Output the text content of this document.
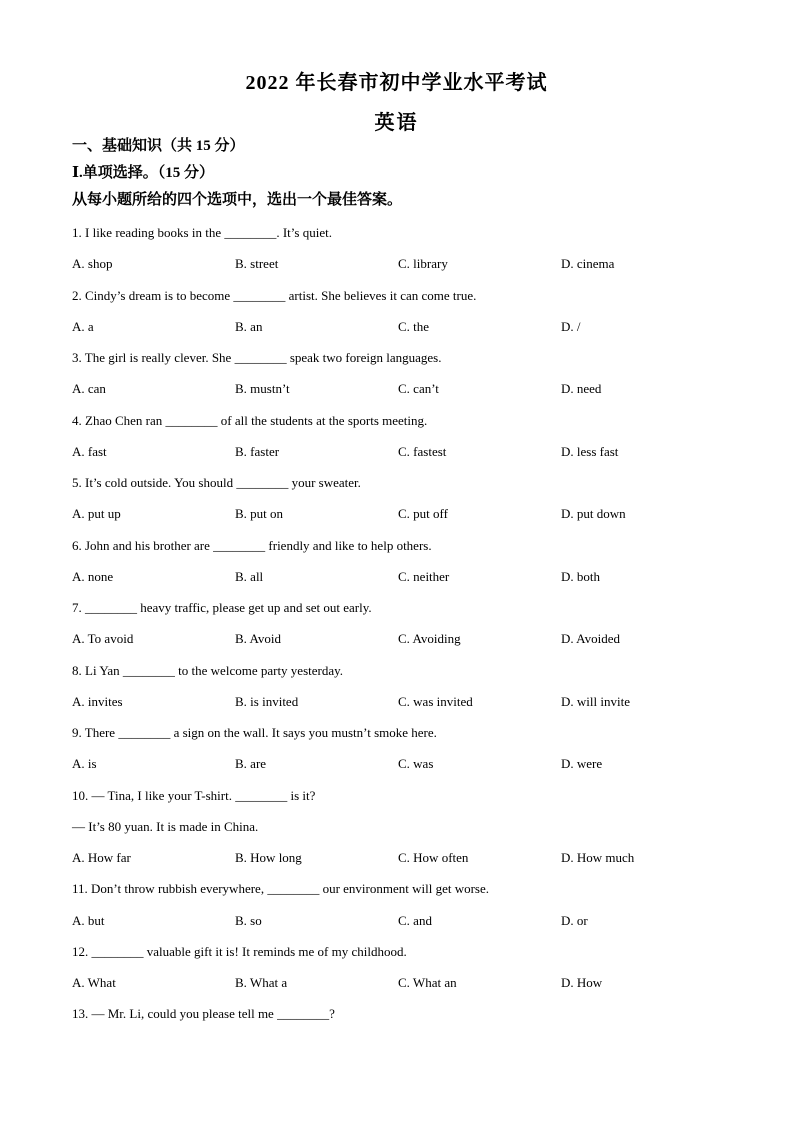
2022 年长春市初中学业水平考试
英语
一、基础知识（共 15 分）
Ⅰ.单项选择。（15 分）
从每小题所给的四个选项中，选出一个最佳答案。
1. I like reading books in the ________. It’s quiet.
A. shop	B. street	C. library	D. cinema
2. Cindy’s dream is to become ________ artist. She believes it can come true.
A. a	B. an	C. the	D. /
3. The girl is really clever. She ________ speak two foreign languages.
A. can	B. mustn’t	C. can’t	D. need
4. Zhao Chen ran ________ of all the students at the sports meeting.
A. fast	B. faster	C. fastest	D. less fast
5. It’s cold outside. You should ________ your sweater.
A. put up	B. put on	C. put off	D. put down
6. John and his brother are ________ friendly and like to help others.
A. none	B. all	C. neither	D. both
7. ________ heavy traffic, please get up and set out early.
A. To avoid	B. Avoid	C. Avoiding	D. Avoided
8. Li Yan ________ to the welcome party yesterday.
A. invites	B. is invited	C. was invited	D. will invite
9. There ________ a sign on the wall. It says you mustn’t smoke here.
A. is	B. are	C. was	D. were
10. — Tina, I like your T-shirt. ________ is it?
— It’s 80 yuan. It is made in China.
A. How far	B. How long	C. How often	D. How much
11. Don’t throw rubbish everywhere, ________ our environment will get worse.
A. but	B. so	C. and	D. or
12. ________ valuable gift it is! It reminds me of my childhood.
A. What	B. What a	C. What an	D. How
13. — Mr. Li, could you please tell me ________?
